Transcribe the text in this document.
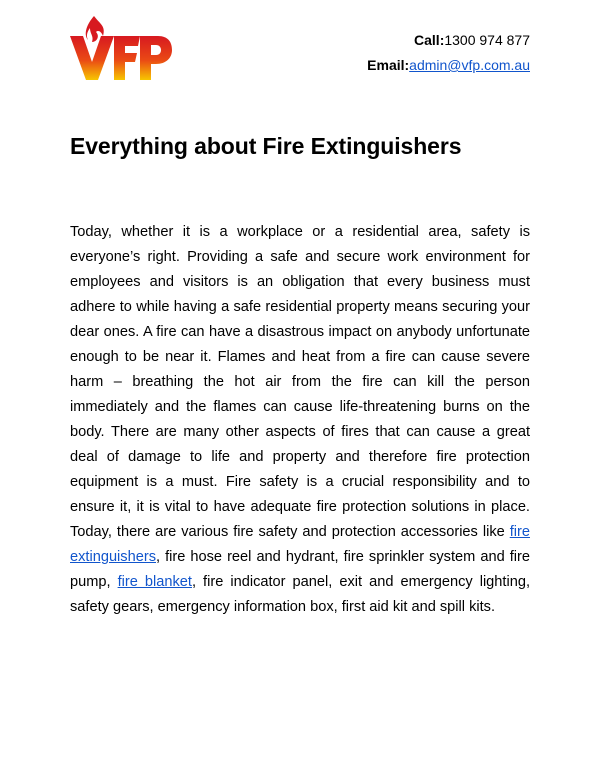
Call:1300 974 877
Email:admin@vfp.com.au
Everything about Fire Extinguishers

Today, whether it is a workplace or a residential area, safety is everyone’s right. Providing a safe and secure work environment for employees and visitors is an obligation that every business must adhere to while having a safe residential property means securing your dear ones. A fire can have a disastrous impact on anybody unfortunate enough to be near it. Flames and heat from a fire can cause severe harm – breathing the hot air from the fire can kill the person immediately and the flames can cause life-threatening burns on the body. There are many other aspects of fires that can cause a great deal of damage to life and property and therefore fire protection equipment is a must. Fire safety is a crucial responsibility and to ensure it, it is vital to have adequate fire protection solutions in place. Today, there are various fire safety and protection accessories like fire extinguishers, fire hose reel and hydrant, fire sprinkler system and fire pump, fire blanket, fire indicator panel, exit and emergency lighting, safety gears, emergency information box, first aid kit and spill kits.
